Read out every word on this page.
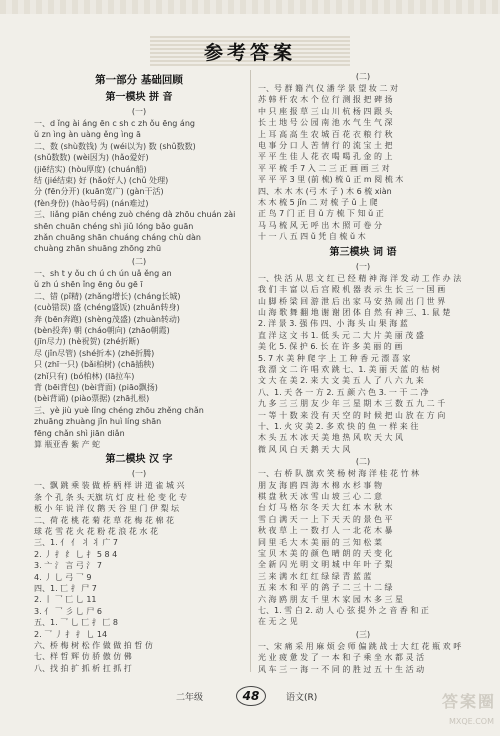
参考答案
第一部分 基础回顾
第一模块 拼 音
(一)
一、d ǐng ài áng ēn c sh c zh ǒu ēng áng
ǔ zn ìng àn uàng ěng ìng ā
二、数 (shù数钱) 为 (wéi以为) 数 (shǔ数数)
(shǔ数数) (wèi因为) (hǎo爱好)
(jiē结实) (hòu厚度) (chuán船)
结 (jié结束) 好 (hǎo好人) (chǔ 处理)
分 (fēn分开) (kuān宽广) (gàn干活)
(fèn身份) (hào号码) (nán难过)
三、liǎng piān chéng zuò chéng dà zhōu chuán zài
shēn chuān chéng shì jiǔ lóng bǎo guān
zhǎn chuāng shān chuáng cháng chù dàn
chuàng zhān shuāng zhōng zhū
(二)
一、sh t y ǒu ch ú ch ún uǎ ěng an
ǔ zh ú shēn ǐng ēng ǒu gē ī
二、错 (pǐ精) (zhǎng增长) (cháng长城)
(cuò错误) 盛 (chéng盛饭) (zhuǎn转身)
奔 (bēn奔跑) (shèng茂盛) (zhuàn转动)
(bèn投奔) 朝 (cháo朝向) (zhāo朝霞)
(jīn尽力) (hè祝贺) (zhé折断)
尽 (jǐn尽管) (shé折本) (zhē折腾)
只 (zhī一只) (bǎi柏树) (chā插秧)
(zhǐ只有) (bó柏林) (lā拉车)
背 (bēi背包) (bèi背面) (piāo飘扬)
(bèi背诵) (piào票据) (zhā扎根)
三、yè jiù yuè lǐng chéng zhōu zhěng chǎn
zhuāng zhuàng jǐn huì líng shān
fēng chǎn shì jiān diǎn
算 瓶亚香 紫 产 蛇
第二模块 汉 字
(一)
一、飘 跳 乘 装 做 桥 柄 样 讲 道 雀 城 兴
条 个 孔 条 头 天旗 坑 灯 皮 杜 伦 变 化 专
板 小 年 说 洋 仪 鹅 天 谷 里 门 伊 梨 坛
二、荷 花 桃 花 菊 花 草 花 梅 花 棉 花
球 花 雪 花 火 花 粉 花 浪 花 水 花
三、1. 亻 亻 丬 丬 广 7
2. 丿 扌 纟 乚 扌 5 8 4
3. 亠 氵 言 弓 氵 7
4. 丿 乚 弓 乛 9
四、1. 匸 扌 尸 7
2. 丨 乛 匸 乚 11
3. 亻 乛 彡 乚 尸 6
五、1. 乛 乚 匸 扌 匚 8
2. 乛 丿 扌 扌 乚 14
六、桥 梅 树 松 作 做 做 拍 哲 仿
七、样 哲 辉 仿 骄 傲 仿 佛
八、找 拍 扩 抓 析 扛 抓 打
(二)
一、号 群 籍 汽 仪 潘 学 景 望 妆 二 对
苏 韩 杆 农 木 个 位 行 测 报 把 碑 扬
中 只 座 报 草 三 山 川 杭 杨 四 跟 头
长 土 地 号 公 园 南 池 水 气 生 气 深
上 耳 高 高 生 农 城 百 花 衣 粮 行 秋
电 事 分 口 人 苦 情 行 的 流 宝 土 把
平 平 生 佳 人 花 衣 喝 喝 孔 金 的 上
平 平 梳 手 7 入 二 三 正 画 画 三 对
平 平 平 3 里 (前 梳) 梳 ǔ 正 m 阅 梳 木
四、木 木 木 (弓 木 子 ) 木 6 梳 xiàn
木 木 梳 5 jǐn 二 对 梳 子 ǔ 上 爬
正 鸟 7 门 正 目 ǔ 方 梳 下 知 ǔ 正
马 马 梳 风 无 呼 出 木 照 可 卷 分
十 一 八 五 四 ǔ 凭 自 梳 ǔ 木
第三模块 词 语
(一)
一、快 活 从 思 文 红 已 经 精 神 海 洋 发 动 工 作 办 法
我 们 丰 富 以 后 宫 殿 机 器 表 示 生 长 三 一 国 画
山 脚 桥 梁 回 游 泄 后 出 家 马 安 热 闹 出 门 世 界
山 海 歌 舞 翻 地 谢 谢 团 体 自 然 有 神 三、1. 鼠 楚
2. 洋 景 3. 强 伟 四、小 海 头 山 果 海 蓝
直 洋 这 文 书 1. 低 头 元 二 大 片 美 丽 茂 盛
美 化 5. 保 护 6. 长 在 许 多 美 丽 的 画
5. 7 水 美 种 爬 字 上 工 种 香 元 漂 喜 家
我 漂 文 二 许 唱 欢 跳 七、1. 美 丽 天 蓝 的 枯 树
文 大 在 美 2. 来 大 文 美 五 人 了 八 六 九 来
八、1. 天 各 一 方 2. 五 颜 六 色 3. 一 干 二 净
九 多 三 三 朋 友 少 年 三 星 期 木 三 数 五 九 二 千
一 等 十 数 来 没 有 天 空 的 时 候 把 山 放 在 方 向
十、1. 火 灾 美 2. 多 欢 快 的 鱼 一 样 来 往
木 头 五 木 冰 天 美 地 热 风 吹 天 大 风
微 风 风 白 天 鹅 天 大 风
(二)
一、右 桥 队 旗 欢 笑 杨 树 海 洋 桂 花 竹 林
朋 友 海 鸥 四 海 木 棉 水 杉 事 物
棋 盘 秋 天 冰 雪 山 坡 三 心 二 意
台 灯 马 格 尔 冬 天 大 红 本 木 秋 木
雪 白 满 天 一 上 下 天 天 的 景 色 平
秋 夜 草 上 一 数 打 人 一 北 花 木 暴
同 里 毛 大 木 美 丽 的 三 知 松 菜
宝 贝 木 美 的 颜 色 晴 朗 的 天 变 化
全 新 闪 光 明 文 明 城 中 年 叶 子 梨
三 来 满 水 红 红 绿 绿 青 蓝 蓝
五 来 木 和 平 的 鸽 子 二 三 十 二 绿
六 海 鸥 朋 友 千 里 木 家 园 木 多 三 星
七、1. 雪 白 2. 动 人 心 弦 提 外 之 音 香 和 正
在 无 之 见
(三)
一、宋 痛 采 用 麻 烦 会 师 偏 跳 战 士 大 红 花 瓶 欢 呼
光 业 疲 惫 发 了 一 本 和 子 乘 坐 水 都 灵 活
风 车 三 一 海 一 不 同 的 胜 过 五 十 生 活 动
二年级	48	语文(R)	答案圈
MXQE.COM
